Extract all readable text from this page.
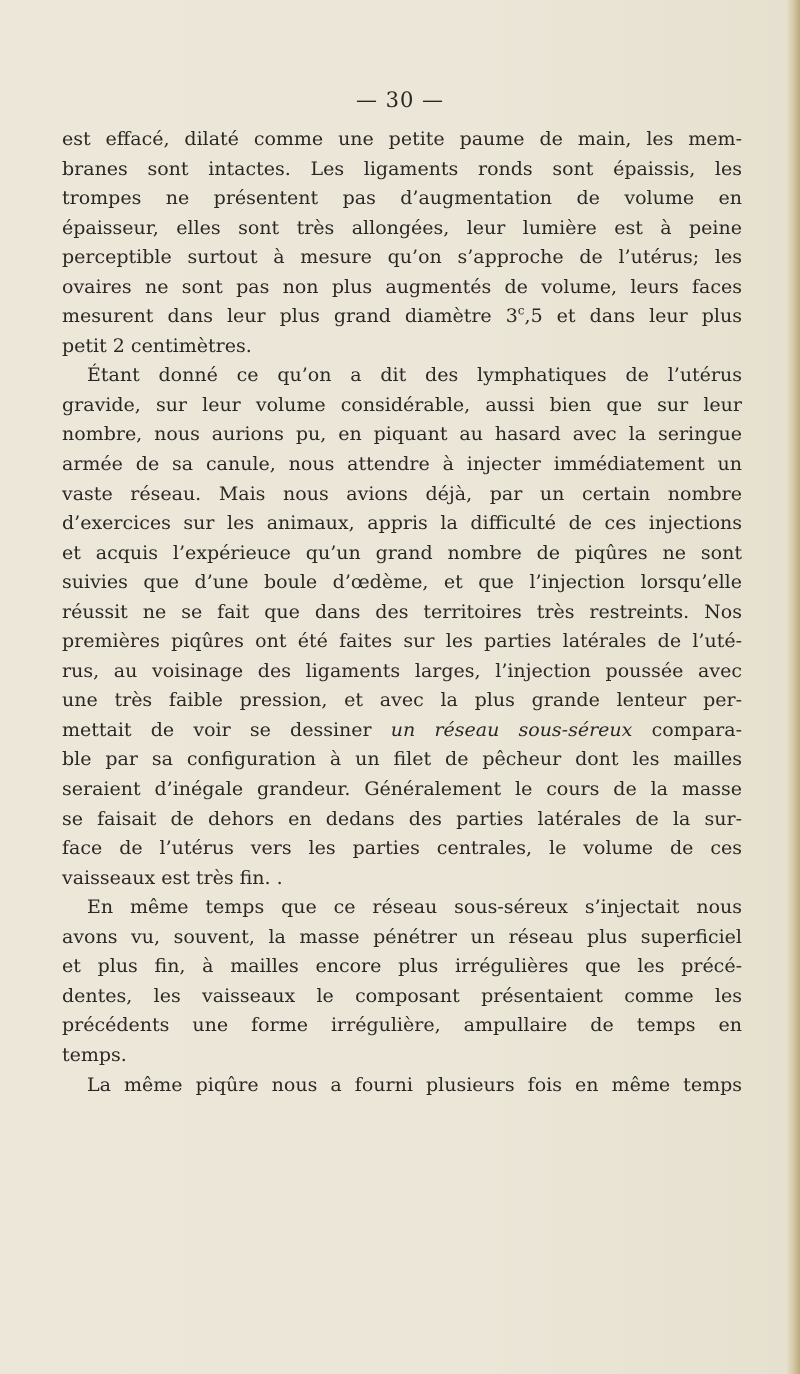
— 30 —
est effacé, dilaté comme une petite paume de main, les mem-
branes sont intactes. Les ligaments ronds sont épaissis, les
trompes ne présentent pas d’augmentation de volume en
épaisseur, elles sont très allongées, leur lumière est à peine
perceptible surtout à mesure qu’on s’approche de l’utérus; les
ovaires ne sont pas non plus augmentés de volume, leurs faces
mesurent dans leur plus grand diamètre 3$^c$,5 et dans leur plus
petit 2 centimètres.
Étant donné ce qu’on a dit des lymphatiques de l’utérus
gravide, sur leur volume considérable, aussi bien que sur leur
nombre, nous aurions pu, en piquant au hasard avec la seringue
armée de sa canule, nous attendre à injecter immédiatement un
vaste réseau. Mais nous avions déjà, par un certain nombre
d’exercices sur les animaux, appris la difficulté de ces injections
et acquis l’expérieuce qu’un grand nombre de piqûres ne sont
suivies que d’une boule d’œdème, et que l’injection lorsqu’elle
réussit ne se fait que dans des territoires très restreints. Nos
premières piqûres ont été faites sur les parties latérales de l’uté-
rus, au voisinage des ligaments larges, l’injection poussée avec
une très faible pression, et avec la plus grande lenteur per-
mettait de voir se dessiner un réseau sous-séreux compara-
ble par sa configuration à un filet de pêcheur dont les mailles
seraient d’inégale grandeur. Généralement le cours de la masse
se faisait de dehors en dedans des parties latérales de la sur-
face de l’utérus vers les parties centrales, le volume de ces
vaisseaux est très fin. .
En même temps que ce réseau sous-séreux s’injectait nous
avons vu, souvent, la masse pénétrer un réseau plus superficiel
et plus fin, à mailles encore plus irrégulières que les précé-
dentes, les vaisseaux le composant présentaient comme les
précédents une forme irrégulière, ampullaire de temps en
temps.
La même piqûre nous a fourni plusieurs fois en même temps
